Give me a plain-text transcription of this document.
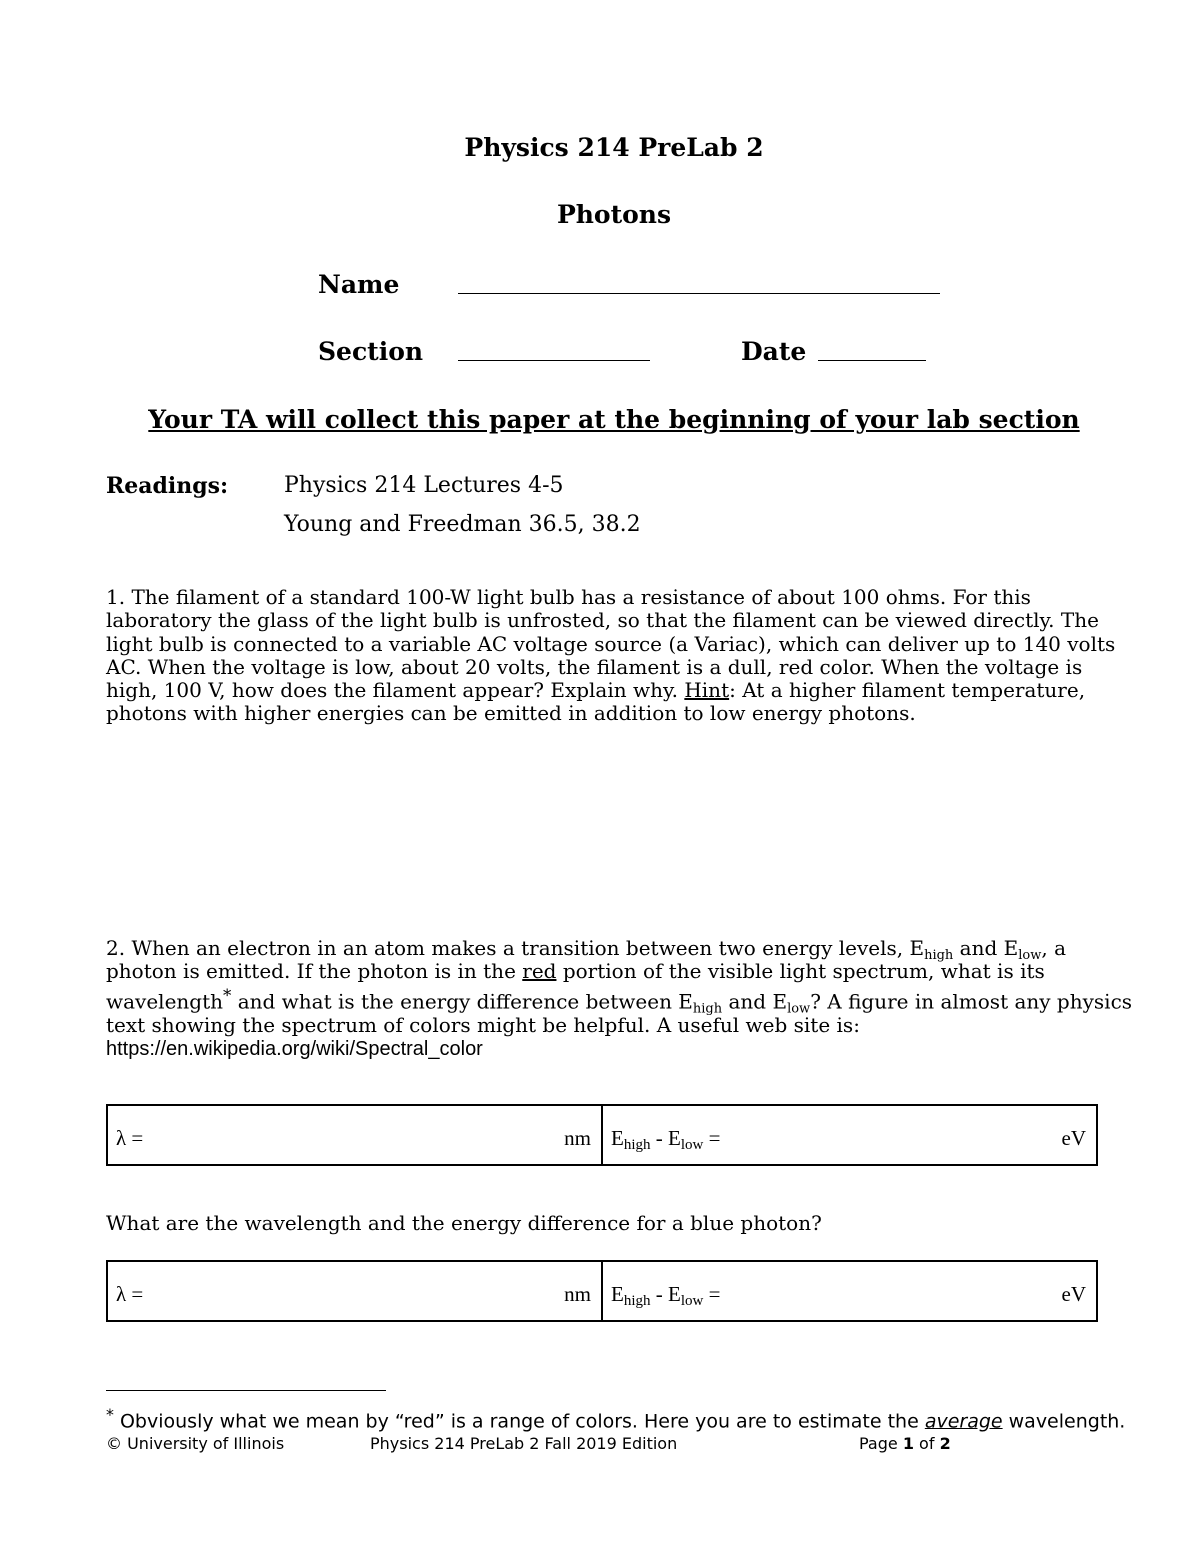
Physics 214 PreLab 2
Photons
Name
Section	Date
Your TA will collect this paper at the beginning of your lab section
Readings:	Physics 214 Lectures 4-5
Young and Freedman 36.5, 38.2

1. The filament of a standard 100-W light bulb has a resistance of about 100 ohms. For this laboratory the glass of the light bulb is unfrosted, so that the filament can be viewed directly. The light bulb is connected to a variable AC voltage source (a Variac), which can deliver up to 140 volts AC. When the voltage is low, about 20 volts, the filament is a dull, red color. When the voltage is high, 100 V, how does the filament appear? Explain why. Hint: At a higher filament temperature, photons with higher energies can be emitted in addition to low energy photons.

2. When an electron in an atom makes a transition between two energy levels, $E_{high}$ and $E_{low}$, a photon is emitted. If the photon is in the red portion of the visible light spectrum, what is its wavelength* and what is the energy difference between $E_{high}$ and $E_{low}$? A figure in almost any physics text showing the spectrum of colors might be helpful. A useful web site is:

https://en.wikipedia.org/wiki/Spectral_color

λ =	nm $E_{high} - E_{low}$ =	eV
What are the wavelength and the energy difference for a blue photon?
λ =	nm $E_{high} - E_{low}$ =	eV
* Obviously what we mean by “red” is a range of colors. Here you are to estimate the average wavelength.
© University of Illinois	Physics 214 PreLab 2 Fall 2019 Edition	Page 1 of 2
